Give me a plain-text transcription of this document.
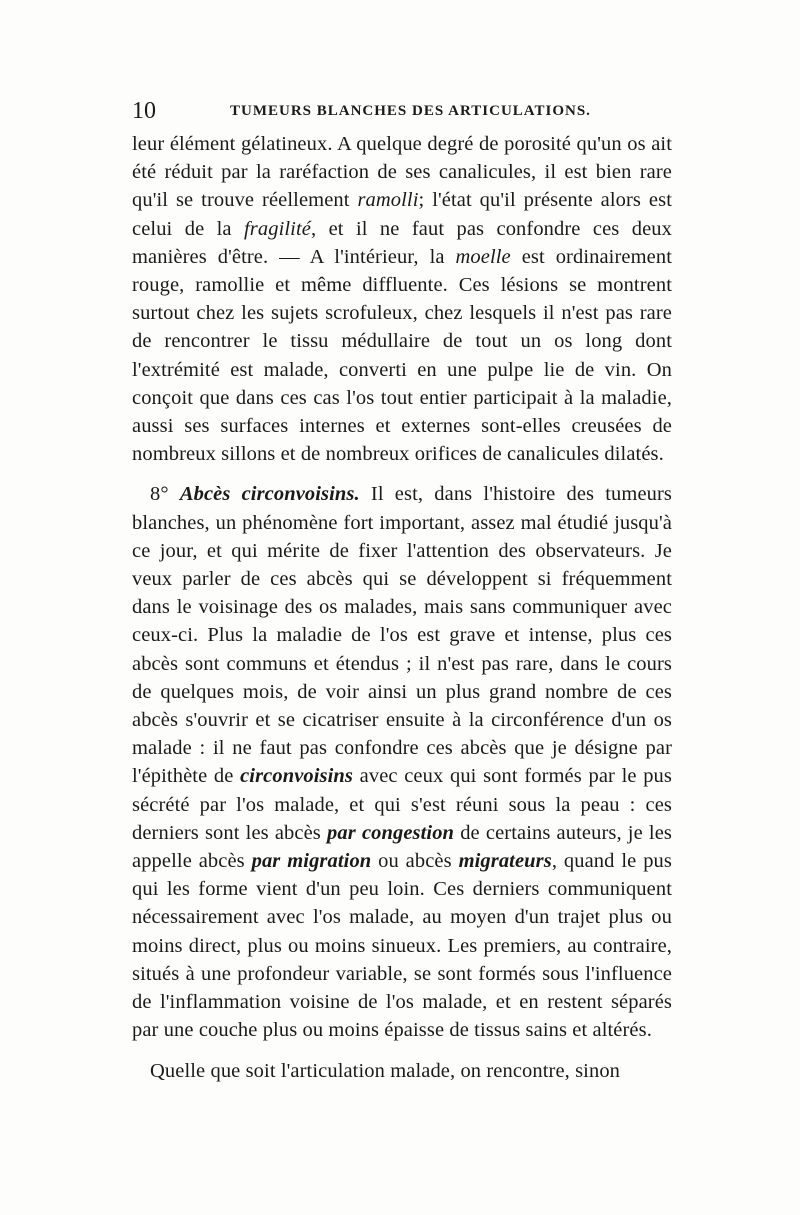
10	TUMEURS BLANCHES DES ARTICULATIONS.

leur élément gélatineux. A quelque degré de porosité qu'un os ait été réduit par la raréfaction de ses canalicules, il est bien rare qu'il se trouve réellement ramolli; l'état qu'il présente alors est celui de la fragilité, et il ne faut pas confondre ces deux manières d'être. — A l'intérieur, la moelle est ordinairement rouge, ramollie et même diffluente. Ces lésions se montrent surtout chez les sujets scrofuleux, chez lesquels il n'est pas rare de rencontrer le tissu médullaire de tout un os long dont l'extrémité est malade, converti en une pulpe lie de vin. On conçoit que dans ces cas l'os tout entier participait à la maladie, aussi ses surfaces internes et externes sont-elles creusées de nombreux sillons et de nombreux orifices de canalicules dilatés.

8° Abcès circonvoisins. Il est, dans l'histoire des tumeurs blanches, un phénomène fort important, assez mal étudié jusqu'à ce jour, et qui mérite de fixer l'attention des observateurs. Je veux parler de ces abcès qui se développent si fréquemment dans le voisinage des os malades, mais sans communiquer avec ceux-ci. Plus la maladie de l'os est grave et intense, plus ces abcès sont communs et étendus ; il n'est pas rare, dans le cours de quelques mois, de voir ainsi un plus grand nombre de ces abcès s'ouvrir et se cicatriser ensuite à la circonférence d'un os malade : il ne faut pas confondre ces abcès que je désigne par l'épithète de circonvoisins avec ceux qui sont formés par le pus sécrété par l'os malade, et qui s'est réuni sous la peau : ces derniers sont les abcès par congestion de certains auteurs, je les appelle abcès par migration ou abcès migrateurs, quand le pus qui les forme vient d'un peu loin. Ces derniers communiquent nécessairement avec l'os malade, au moyen d'un trajet plus ou moins direct, plus ou moins sinueux. Les premiers, au contraire, situés à une profondeur variable, se sont formés sous l'influence de l'inflammation voisine de l'os malade, et en restent séparés par une couche plus ou moins épaisse de tissus sains et altérés.

Quelle que soit l'articulation malade, on rencontre, sinon
